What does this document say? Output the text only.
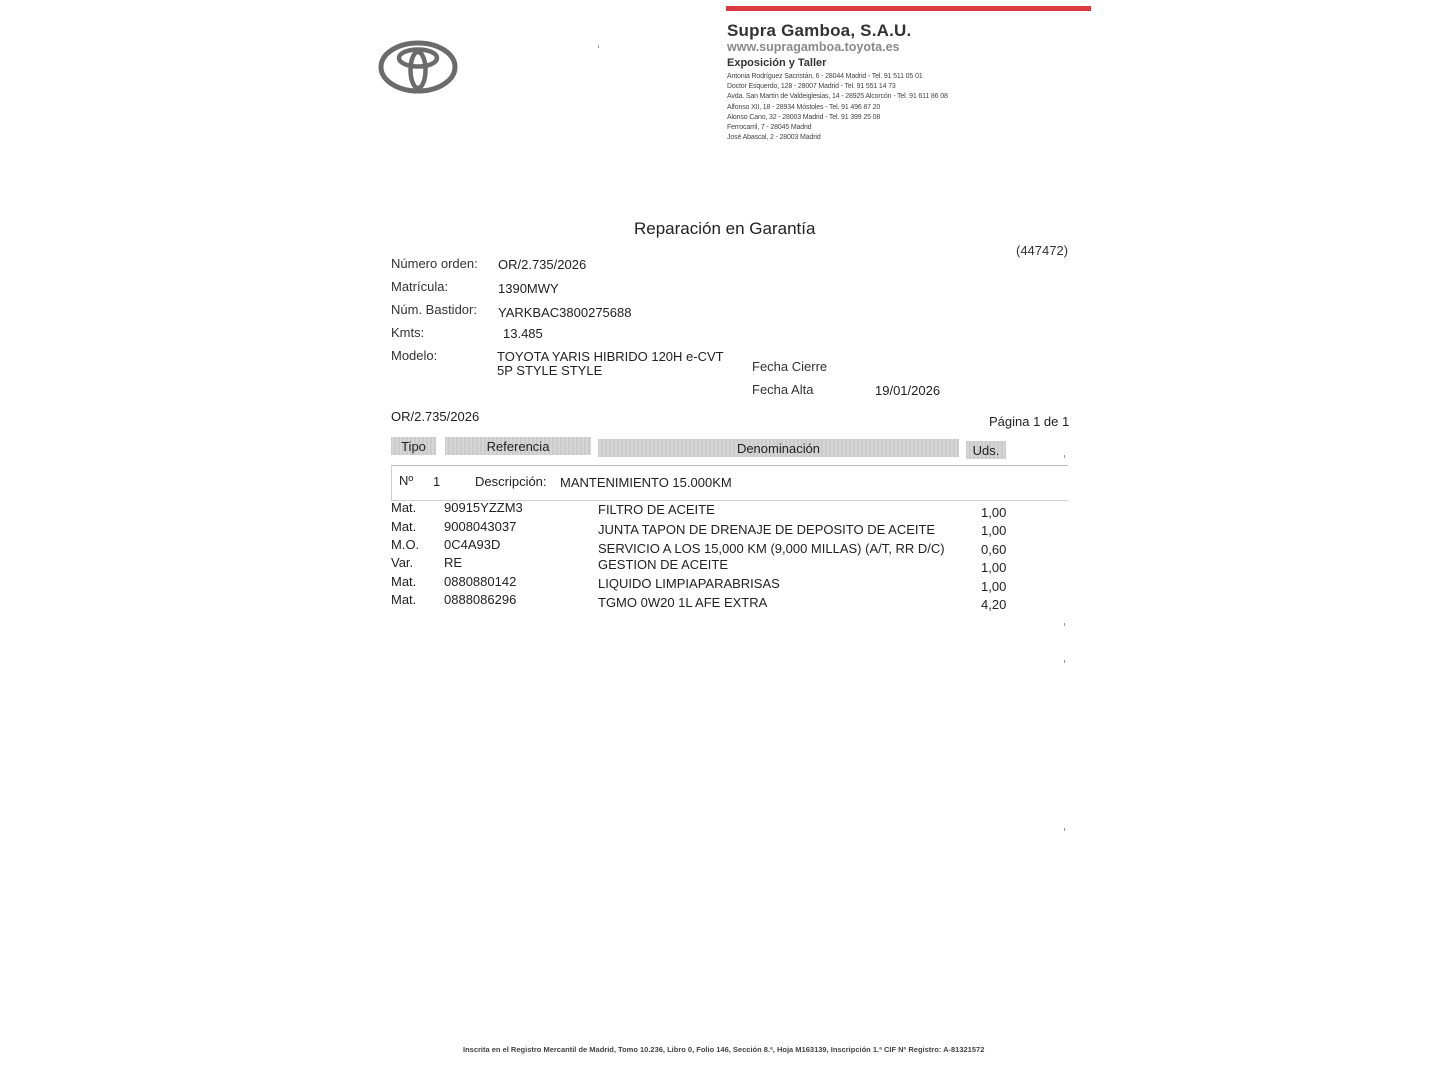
Supra Gamboa, S.A.U.
www.supragamboa.toyota.es
Exposición y Taller
Antonia Rodríguez Sacristán, 6 - 28044 Madrid - Tel. 91 511 05 01
Doctor Esquerdo, 128 - 28007 Madrid - Tel. 91 551 14 73
Avda. San Martín de Valdeiglesias, 14 - 28925 Alcorcón - Tel. 91 611 86 08
Alfonso XII, 18 - 28934 Móstoles - Tel. 91 496 87 20
Alonso Cano, 32 - 28003 Madrid - Tel. 91 399 25 08
Ferrocarril, 7 - 28045 Madrid
José Abascal, 2 - 28003 Madrid
Reparación en Garantía
(447472)
Número orden: OR/2.735/2026
Matrícula:	1390MWY
Núm. Bastidor: YARKBAC3800275688
Kmts:	13.485
Modelo:	TOYOTA YARIS HIBRIDO 120H e-CVT
5P STYLE STYLE	Fecha Cierre
Fecha Alta	19/01/2026
OR/2.735/2026	Página 1 de 1
Tipo	Referencia	Denominación	Uds.
Nº 1	Descripción: MANTENIMIENTO 15.000KM
Mat. 90915YZZM3	FILTRO DE ACEITE	1,00
Mat. 9008043037	JUNTA TAPON DE DRENAJE DE DEPOSITO DE ACEITE	1,00
M.O. 0C4A93D	SERVICIO A LOS 15,000 KM (9,000 MILLAS) (A/T, RR D/C)	0,60
Var. RE	GESTION DE ACEITE	1,00
Mat. 0880880142	LIQUIDO LIMPIAPARABRISAS	1,00
Mat. 0888086296	TGMO 0W20 1L AFE EXTRA	4,20
Inscrita en el Registro Mercantil de Madrid, Tomo 10.236, Libro 0, Folio 146, Sección 8.ª, Hoja M163139, Inscripción 1.ª CIF Nº Registro: A-81321572
